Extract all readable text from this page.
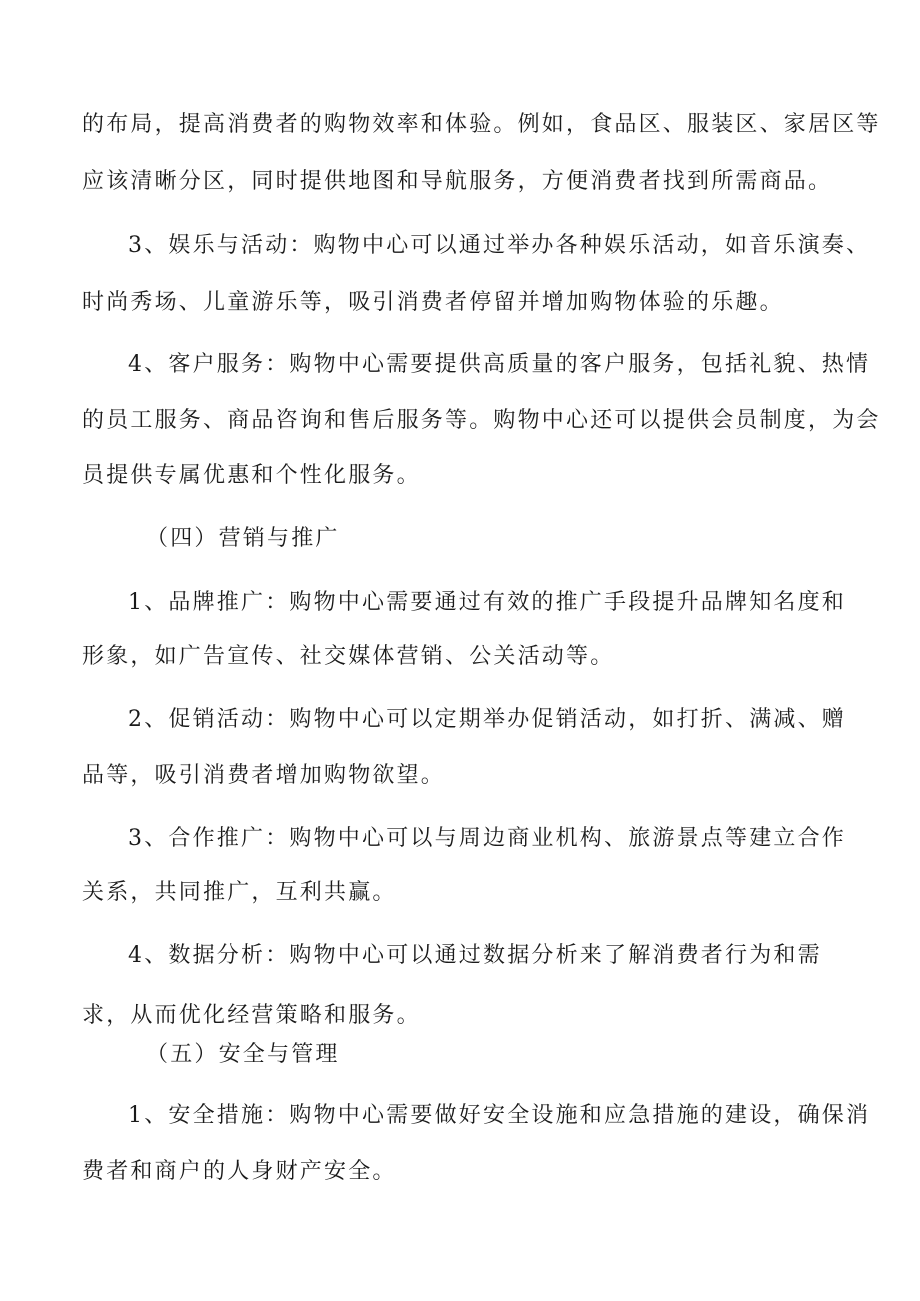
的布局，提高消费者的购物效率和体验。例如，食品区、服装区、家居区等
应该清晰分区，同时提供地图和导航服务，方便消费者找到所需商品。
3、娱乐与活动：购物中心可以通过举办各种娱乐活动，如音乐演奏、
时尚秀场、儿童游乐等，吸引消费者停留并增加购物体验的乐趣。
4、客户服务：购物中心需要提供高质量的客户服务，包括礼貌、热情
的员工服务、商品咨询和售后服务等。购物中心还可以提供会员制度，为会
员提供专属优惠和个性化服务。
（四）营销与推广
1、品牌推广：购物中心需要通过有效的推广手段提升品牌知名度和
形象，如广告宣传、社交媒体营销、公关活动等。
2、促销活动：购物中心可以定期举办促销活动，如打折、满减、赠
品等，吸引消费者增加购物欲望。
3、合作推广：购物中心可以与周边商业机构、旅游景点等建立合作
关系，共同推广，互利共赢。
4、数据分析：购物中心可以通过数据分析来了解消费者行为和需
求，从而优化经营策略和服务。
（五）安全与管理
1、安全措施：购物中心需要做好安全设施和应急措施的建设，确保消
费者和商户的人身财产安全。
